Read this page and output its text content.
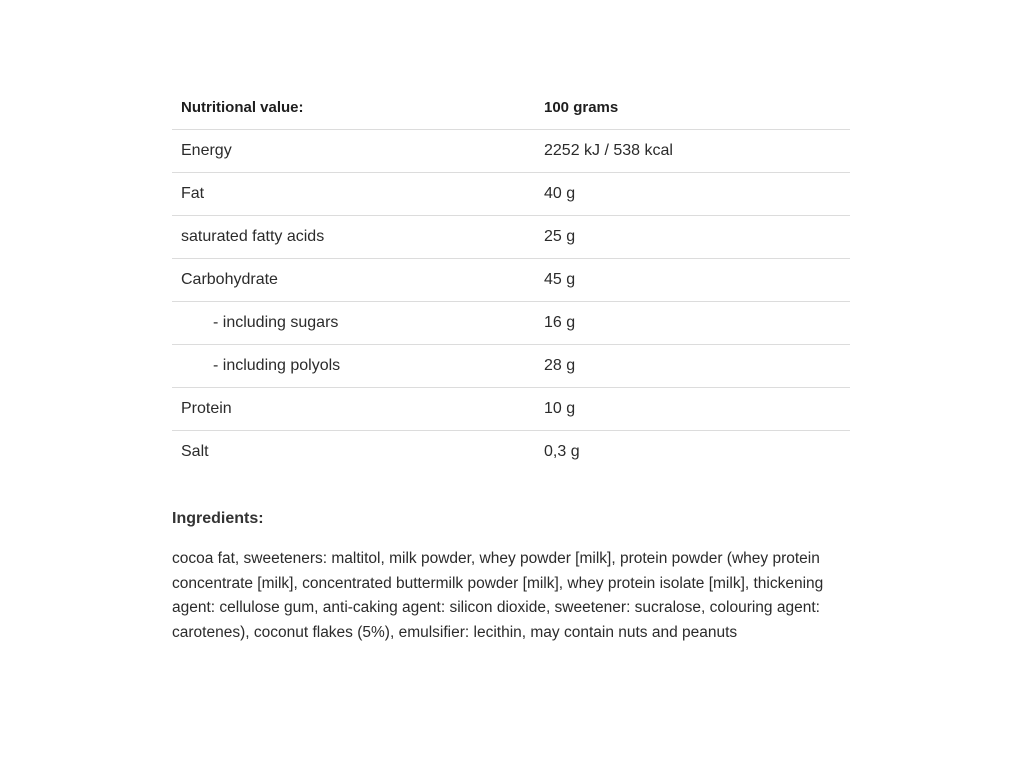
Nutritional value:	100 grams
Energy	2252 kJ / 538 kcal
Fat	40 g
saturated fatty acids	25 g
Carbohydrate	45 g
- including sugars	16 g
- including polyols	28 g
Protein	10 g
Salt	0,3 g
Ingredients:

cocoa fat, sweeteners: maltitol, milk powder, whey powder [milk], protein powder (whey protein concentrate [milk], concentrated buttermilk powder [milk], whey protein isolate [milk], thickening agent: cellulose gum, anti-caking agent: silicon dioxide, sweetener: sucralose, colouring agent: carotenes), coconut flakes (5%), emulsifier: lecithin, may contain nuts and peanuts
